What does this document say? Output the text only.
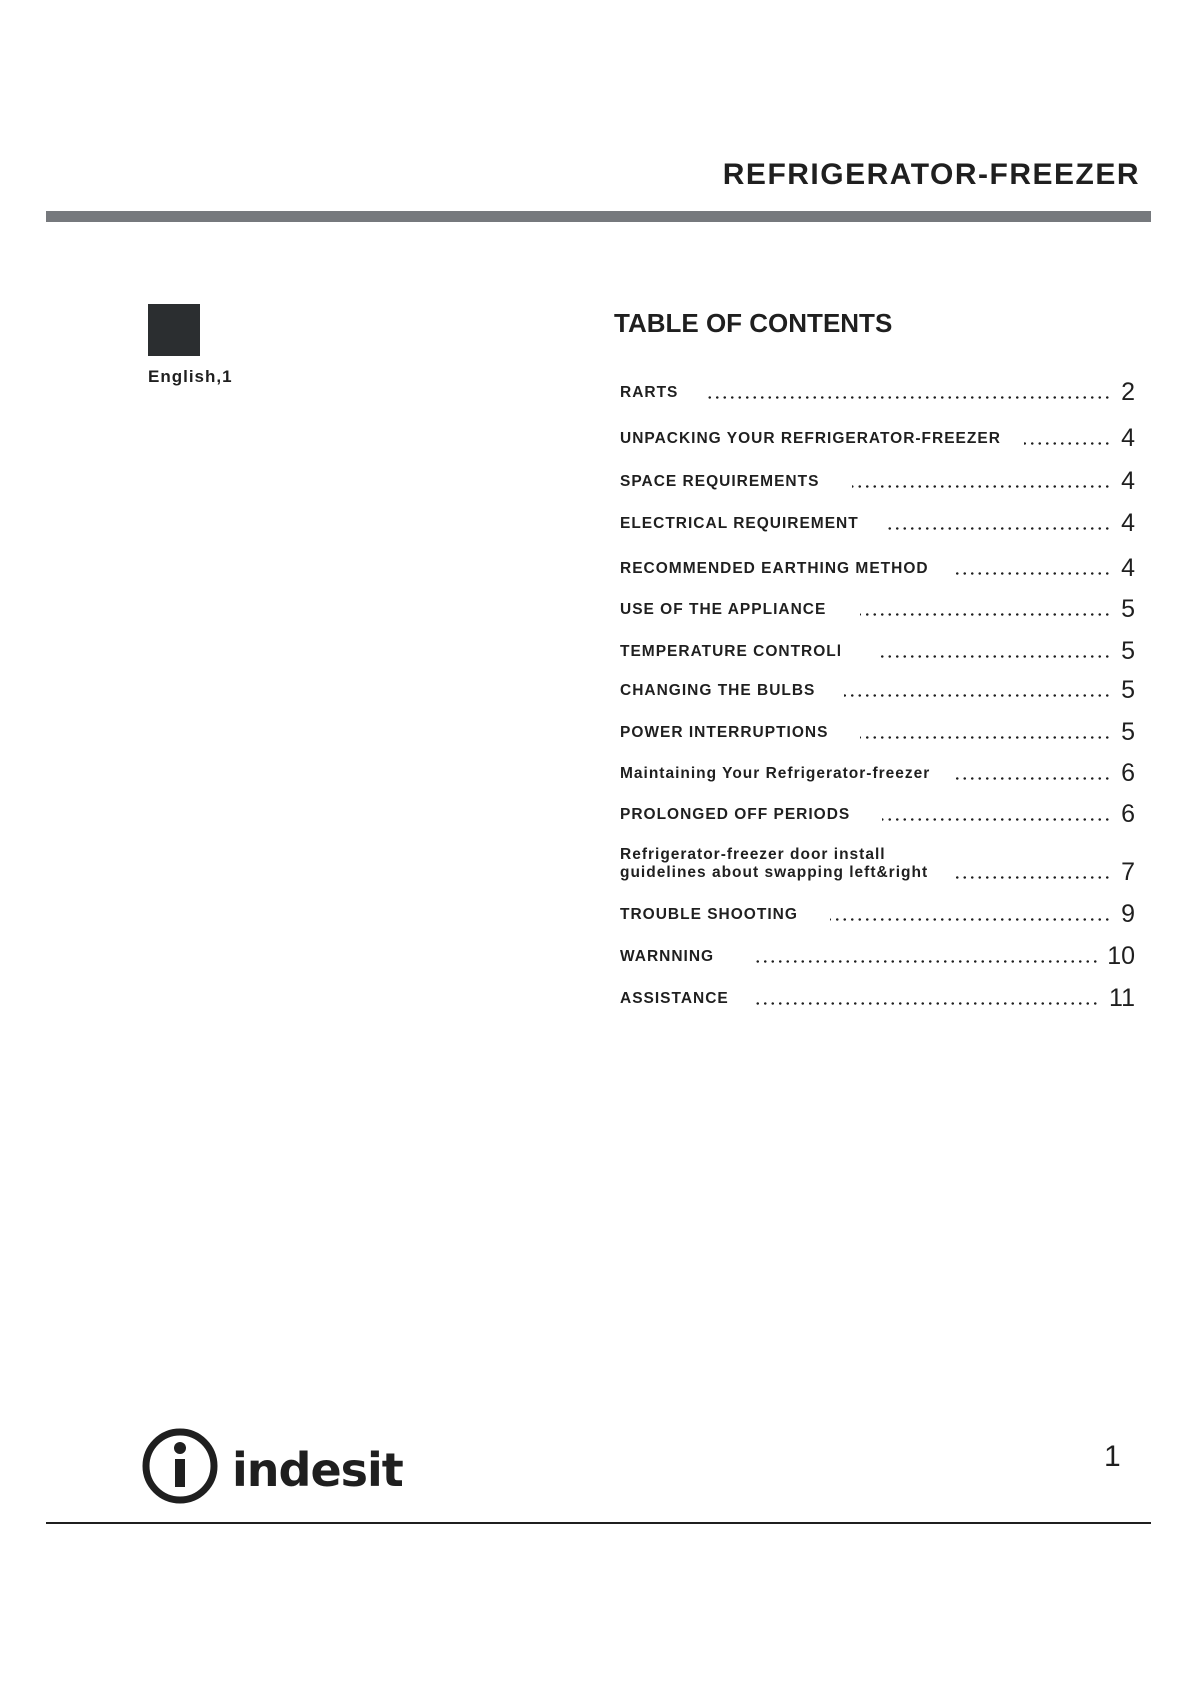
REFRIGERATOR-FREEZER
English,1
TABLE OF CONTENTS
RARTS	2
UNPACKING YOUR REFRIGERATOR-FREEZER	4
SPACE REQUIREMENTS	4
ELECTRICAL REQUIREMENT	4
RECOMMENDED EARTHING METHOD	4
USE OF THE APPLIANCE	5
TEMPERATURE CONTROLl	5
CHANGING THE BULBS	5
POWER INTERRUPTIONS	5
Maintaining Your Refrigerator-freezer	6
PROLONGED OFF PERIODS	6
Refrigerator-freezer door install
guidelines about swapping left&right	7
TROUBLE SHOOTING	9
WARNNING	10
ASSISTANCE	11
indesit	1
